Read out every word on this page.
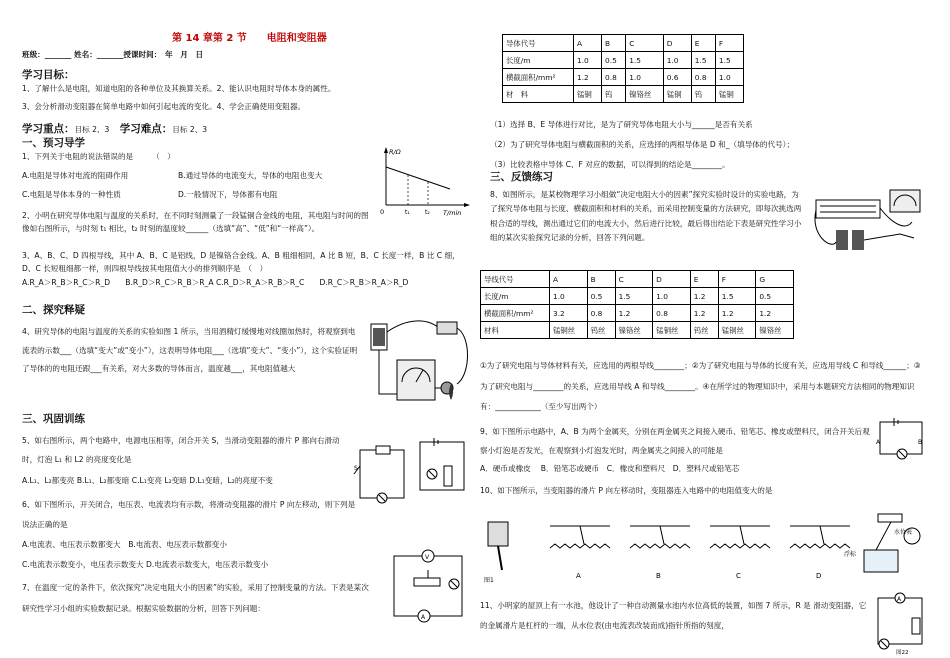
第 14 章第 2 节　　电阻和变阻器
班级：_______ 姓名：_______授课时间：　年　月　日
学习目标：
1、了解什么是电阻，知道电阻的各种单位及其换算关系。2、能认识电阻时导体本身的属性。
3、会分析滑动变阻器在简单电路中如何引起电流的变化。4、学会正确使用变阻器。
学习重点：目标 2、3 学习难点：目标 2、3
一、预习导学
1、下列关于电阻的说法错误的是　　　（　）
A.电阻是导体对电流的阻碍作用	B.通过导体的电流变大，导体的电阻也变大
C.电阻是导体本身的一种性质	D.一般情况下，导体都有电阻
R/Ω
T/min
0	t₁	t₂
2、小明在研究导体电阻与温度的关系时，在不同时刻测量了一段锰铜合金线的电阻，其电阻与时间的图像如右图所示，与时刻 t₁ 相比，t₂ 时刻的温度较______（选填“高”、“低”和“一样高”）。
3、A、B、C、D 四根导线，其中 A、B、C 是铝线，D 是镍铬合金线。A、B 粗细相同，A 比 B 短，B、C 长度一样，B 比 C 细，D、C 长短粗细都一样，则四根导线按其电阻值大小的排列顺序是　（　）
A.R_A＞R_B＞R_C＞R_D　　B.R_D＞R_C＞R_B＞R_A C.R_D＞R_A＞R_B＞R_C　　D.R_C＞R_B＞R_A＞R_D
二、探究释疑
4、研究导体的电阻与温度的关系的实验如图 1 所示，当用酒精灯缓慢地对线圈加热时，将观察到电流表的示数___（选填“变大”或“变小”），这表明导体电阻___（选填“变大”、“变小”），这个实验证明了导体的的电阻还跟___有关系，对大多数的导体而言，温度越___，其电阻值越大
三、巩固训练
5、如右图所示，两个电路中，电源电压相等，闭合开关 S，当滑动变阻器的滑片 P 都向右滑动时，灯泡 L₁ 和 L2 的亮度变化是
A.L₁、L₂都变亮 B.L₁、L₂都变暗 C.L₁变亮 L₂变暗 D.L₁变暗，L₂的亮度不变
S
6、如下图所示，开关闭合，电压表、电流表均有示数，将滑动变阻器的滑片 P 向左移动，则下列是说法正确的是
A.电流表、电压表示数都变大　B.电流表、电压表示数都变小
C.电流表示数变小，电压表示数变大 D.电流表示数变大，电压表示数变小
V
A
7、在温度一定的条件下，依次探究“决定电阻大小的因素”的实验，采用了控制变量的方法。下表是某次研究性学习小组的实验数据记录。根据实验数据的分析，回答下列问题：
导体代号	A	B	C	D	E	F
长度/m	1.0	0.5	1.5	1.0	1.5	1.5
横截面积/mm²	1.2	0.8	1.0	0.6	0.8	1.0
材　料	锰铜	钨	镍铬丝	锰铜	钨	锰铜
（1）选择 B、E 导体进行对比，是为了研究导体电阻大小与______是否有关系
（2）为了研究导体电阻与横截面积的关系，应选择的两根导体是 D 和_（填导体的代号）；
（3）比较表格中导体 C、F 对应的数据，可以得到的结论是________。
三、反馈练习
8、如图所示，是某校物理学习小组做“决定电阻大小的因素”探究实验时设计的实验电路，为了探究导体电阻与长度、横截面积和材料的关系，而采用控制变量的方法研究，即每次挑选两根合适的导线，测出通过它们的电流大小，然后进行比较，最后得出结论下表是研究性学习小组的某次实验探究记录的分析，回答下列问题。
导线代号	A	B	C	D	E	F	G
长度/m	1.0	0.5	1.5	1.0	1.2	1.5	0.5
横截面积/mm²	3.2	0.8	1.2	0.8	1.2	1.2	1.2
材料	锰铜丝	钨丝	镍铬丝	锰铜丝	钨丝	锰铜丝	镍铬丝
①为了研究电阻与导体材料有关，应选用的两根导线________；②为了研究电阻与导体的长度有关，应选用导线 C 和导线______；③为了研究电阻与________的关系，应选用导线 A 和导线________。④在所学过的物理知识中，采用与本题研究方法相同的物理知识有：____________（至少写出两个）
9、如下图所示电路中，A、B 为两个金属夹，分别在两金属夹之间接入硬币、铅笔芯、橡皮或塑料尺，闭合开关后观察小灯泡是否发光，在观察到小灯泡发光时，两金属夹之间接入的可能是
A．硬币或橡皮　 B．铅笔芯或硬币　C．橡皮和塑料尺　D．塑料尺或铅笔芯
A	B
10、如下图所示，当变阻器的滑片 P 向左移动时，变阻器连入电路中的电阻值变大的是
图1
A	B	C	D
浮标
水位表
11、小明家的屋顶上有一水池，他设计了一种自动测量水池内水位高低的装置，如图 7 所示，R 是 滑动变阻器，它的金属滑片是杠杆的一端，从水位表(由电流表改装而成)指针所指的刻度，
A
图22
